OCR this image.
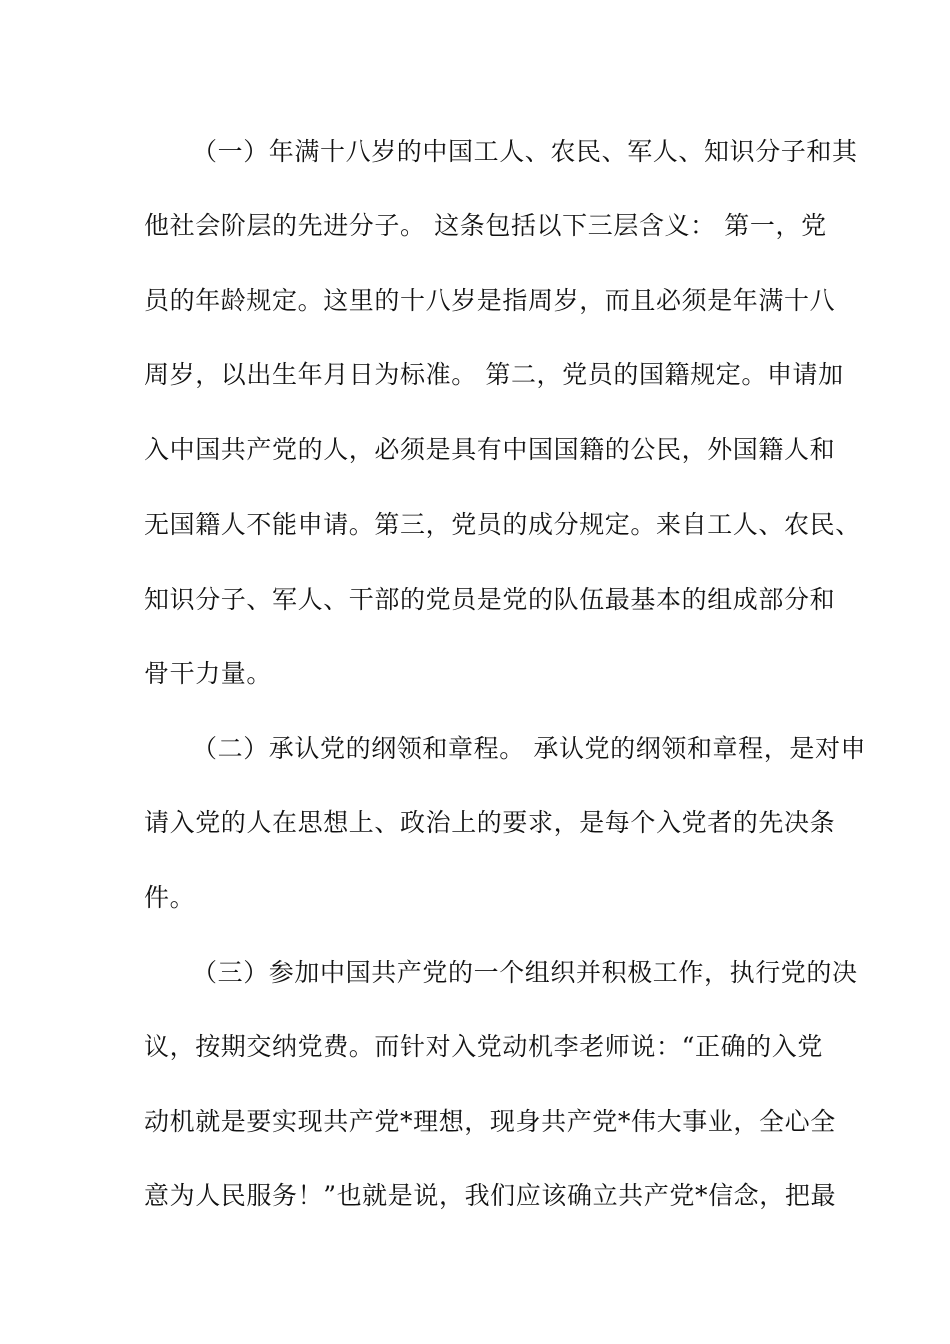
（一）年满十八岁的中国工人、农民、军人、知识分子和其
他社会阶层的先进分子。 这条包括以下三层含义： 第一，党
员的年龄规定。这里的十八岁是指周岁，而且必须是年满十八
周岁，以出生年月日为标准。 第二，党员的国籍规定。申请加
入中国共产党的人，必须是具有中国国籍的公民，外国籍人和
无国籍人不能申请。第三，党员的成分规定。来自工人、农民、
知识分子、军人、干部的党员是党的队伍最基本的组成部分和
骨干力量。
（二）承认党的纲领和章程。 承认党的纲领和章程，是对申
请入党的人在思想上、政治上的要求，是每个入党者的先决条
件。
（三）参加中国共产党的一个组织并积极工作，执行党的决
议，按期交纳党费。而针对入党动机李老师说：“正确的入党
动机就是要实现共产党*理想，现身共产党*伟大事业，全心全
意为人民服务！”也就是说，我们应该确立共产党*信念，把最
